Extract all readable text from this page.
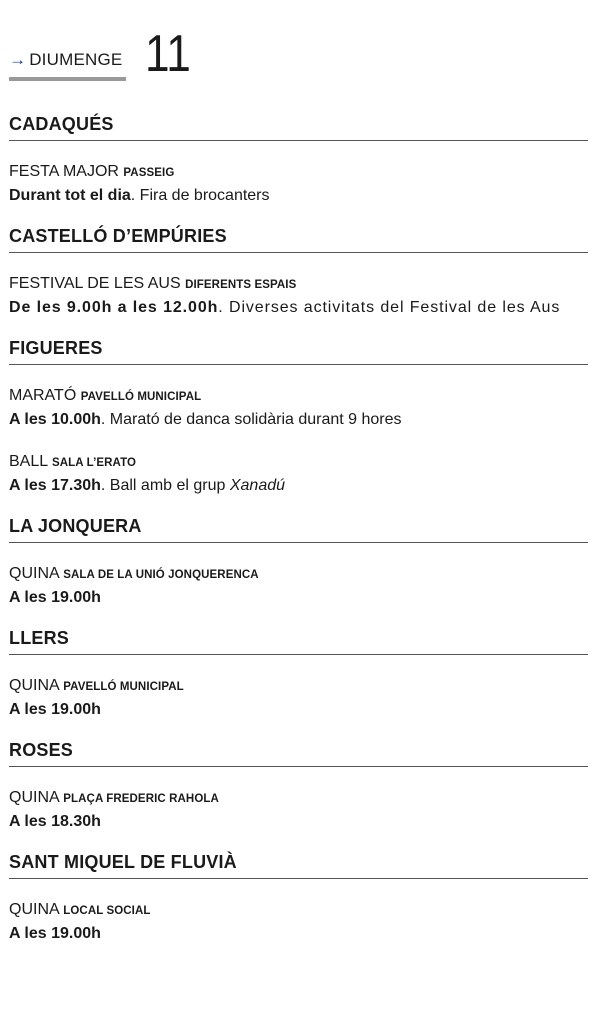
→ DIUMENGE 11
CADAQUÉS
FESTA MAJOR PASSEIG
Durant tot el dia. Fira de brocanters
CASTELLÓ D’EMPÚRIES
FESTIVAL DE LES AUS DIFERENTS ESPAIS
De les 9.00h a les 12.00h. Diverses activitats del Festival de les Aus
FIGUERES
MARATÓ PAVELLÓ MUNICIPAL
A les 10.00h. Marató de danca solidària durant 9 hores
BALL SALA L’ERATO
A les 17.30h. Ball amb el grup Xanadú
LA JONQUERA
QUINA SALA DE LA UNIÓ JONQUERENCA
A les 19.00h
LLERS
QUINA PAVELLÓ MUNICIPAL
A les 19.00h
ROSES
QUINA PLAÇA FREDERIC RAHOLA
A les 18.30h
SANT MIQUEL DE FLUVIÀ
QUINA LOCAL SOCIAL
A les 19.00h
